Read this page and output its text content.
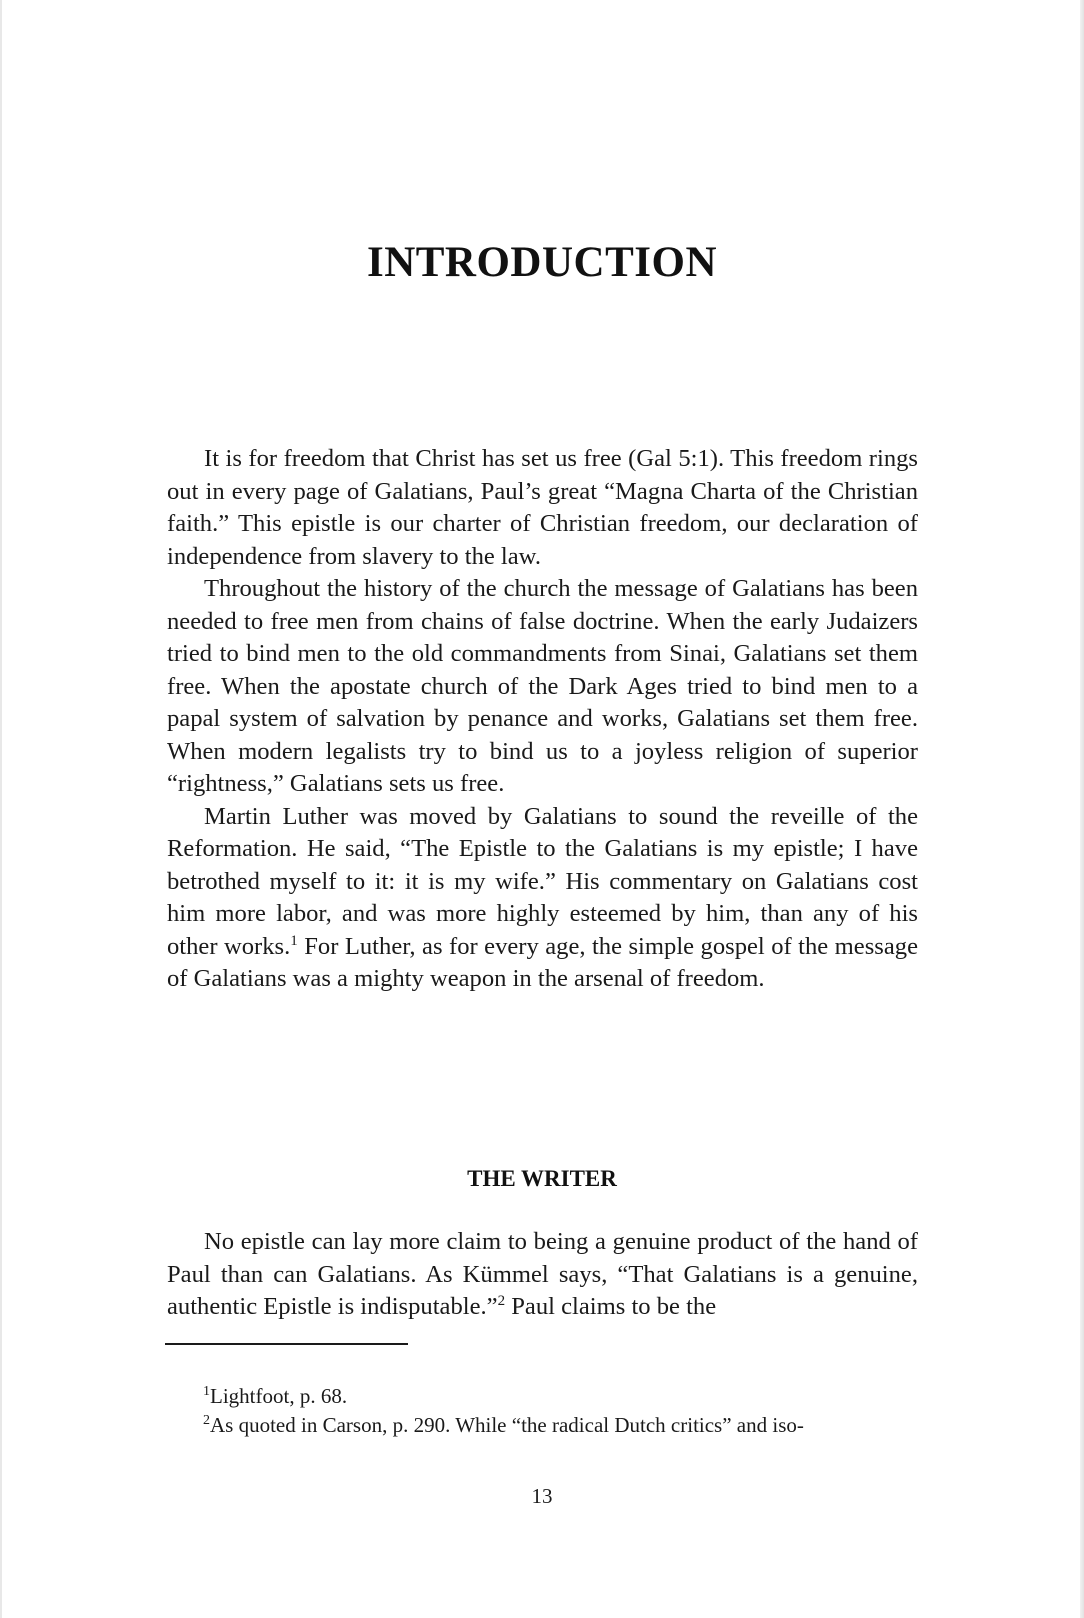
INTRODUCTION

It is for freedom that Christ has set us free (Gal 5:1). This freedom rings out in every page of Galatians, Paul’s great “Magna Charta of the Christian faith.” This epistle is our charter of Christian freedom, our declaration of independence from slavery to the law.

Throughout the history of the church the message of Galatians has been needed to free men from chains of false doctrine. When the early Judaizers tried to bind men to the old commandments from Sinai, Galatians set them free. When the apostate church of the Dark Ages tried to bind men to a papal system of salvation by penance and works, Galatians set them free. When modern legalists try to bind us to a joyless religion of superior “rightness,” Galatians sets us free.

Martin Luther was moved by Galatians to sound the reveille of the Reformation. He said, “The Epistle to the Galatians is my epistle; I have betrothed myself to it: it is my wife.” His commentary on Galatians cost him more labor, and was more highly esteemed by him, than any of his other works.$^1$ For Luther, as for every age, the simple gospel of the message of Galatians was a mighty weapon in the arsenal of freedom.

THE WRITER

No epistle can lay more claim to being a genuine product of the hand of Paul than can Galatians. As Kümmel says, “That Galatians is a genuine, authentic Epistle is indisputable.”$^2$ Paul claims to be the

$^1$Lightfoot, p. 68.

$^2$As quoted in Carson, p. 290. While “the radical Dutch critics” and iso-

13
